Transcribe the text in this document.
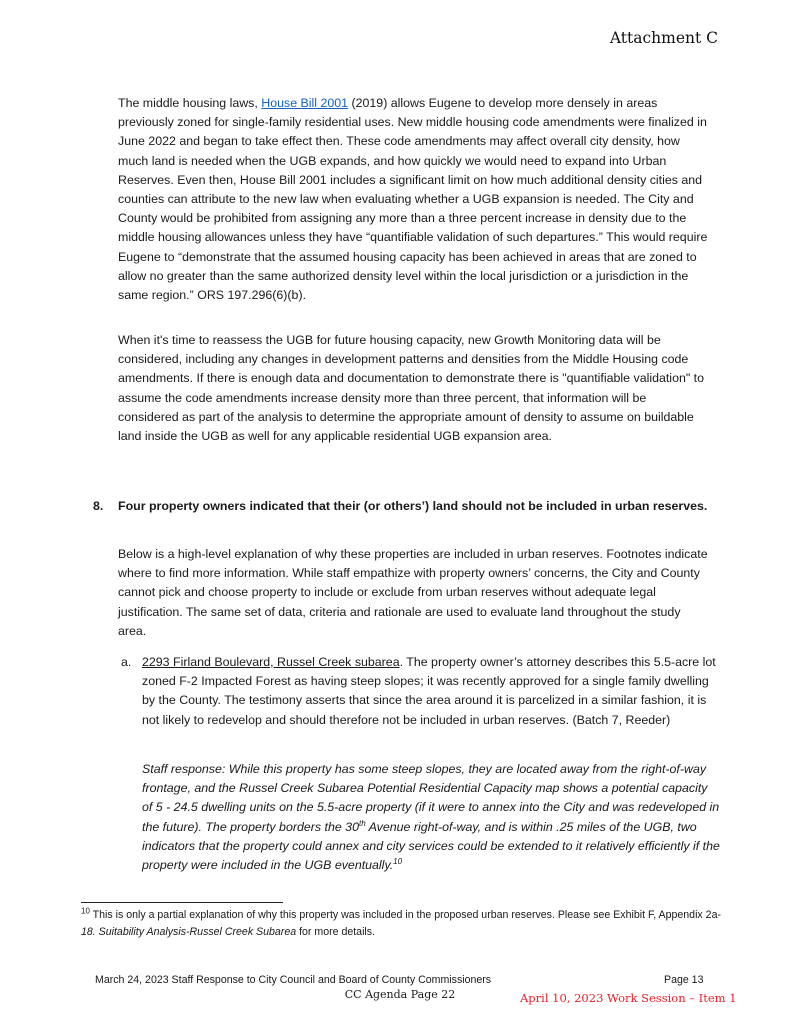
Attachment C

The middle housing laws, House Bill 2001 (2019) allows Eugene to develop more densely in areas previously zoned for single-family residential uses. New middle housing code amendments were finalized in June 2022 and began to take effect then. These code amendments may affect overall city density, how much land is needed when the UGB expands, and how quickly we would need to expand into Urban Reserves. Even then, House Bill 2001 includes a significant limit on how much additional density cities and counties can attribute to the new law when evaluating whether a UGB expansion is needed. The City and County would be prohibited from assigning any more than a three percent increase in density due to the middle housing allowances unless they have “quantifiable validation of such departures.” This would require Eugene to “demonstrate that the assumed housing capacity has been achieved in areas that are zoned to allow no greater than the same authorized density level within the local jurisdiction or a jurisdiction in the same region.” ORS 197.296(6)(b).

When it's time to reassess the UGB for future housing capacity, new Growth Monitoring data will be considered, including any changes in development patterns and densities from the Middle Housing code amendments. If there is enough data and documentation to demonstrate there is "quantifiable validation" to assume the code amendments increase density more than three percent, that information will be considered as part of the analysis to determine the appropriate amount of density to assume on buildable land inside the UGB as well for any applicable residential UGB expansion area.

8. Four property owners indicated that their (or others’) land should not be included in urban reserves.

Below is a high-level explanation of why these properties are included in urban reserves. Footnotes indicate where to find more information. While staff empathize with property owners’ concerns, the City and County cannot pick and choose property to include or exclude from urban reserves without adequate legal justification. The same set of data, criteria and rationale are used to evaluate land throughout the study area.

a. 2293 Firland Boulevard, Russel Creek subarea. The property owner’s attorney describes this 5.5-acre lot zoned F-2 Impacted Forest as having steep slopes; it was recently approved for a single family dwelling by the County. The testimony asserts that since the area around it is parcelized in a similar fashion, it is not likely to redevelop and should therefore not be included in urban reserves. (Batch 7, Reeder)
Staff response: While this property has some steep slopes, they are located away from the right-of-way frontage, and the Russel Creek Subarea Potential Residential Capacity map shows a potential capacity of 5 - 24.5 dwelling units on the 5.5-acre property (if it were to annex into the City and was redeveloped in the future). The property borders the 30th Avenue right-of-way, and is within .25 miles of the UGB, two indicators that the property could annex and city services could be extended to it relatively efficiently if the property were included in the UGB eventually.$^{10}$
$^{10}$ This is only a partial explanation of why this property was included in the proposed urban reserves. Please see Exhibit F, Appendix 2a-18. Suitability Analysis-Russel Creek Subarea for more details.
March 24, 2023 Staff Response to City Council and Board of County Commissioners	Page 13
CC Agenda Page 22	April 10, 2023 Work Session – Item 1
